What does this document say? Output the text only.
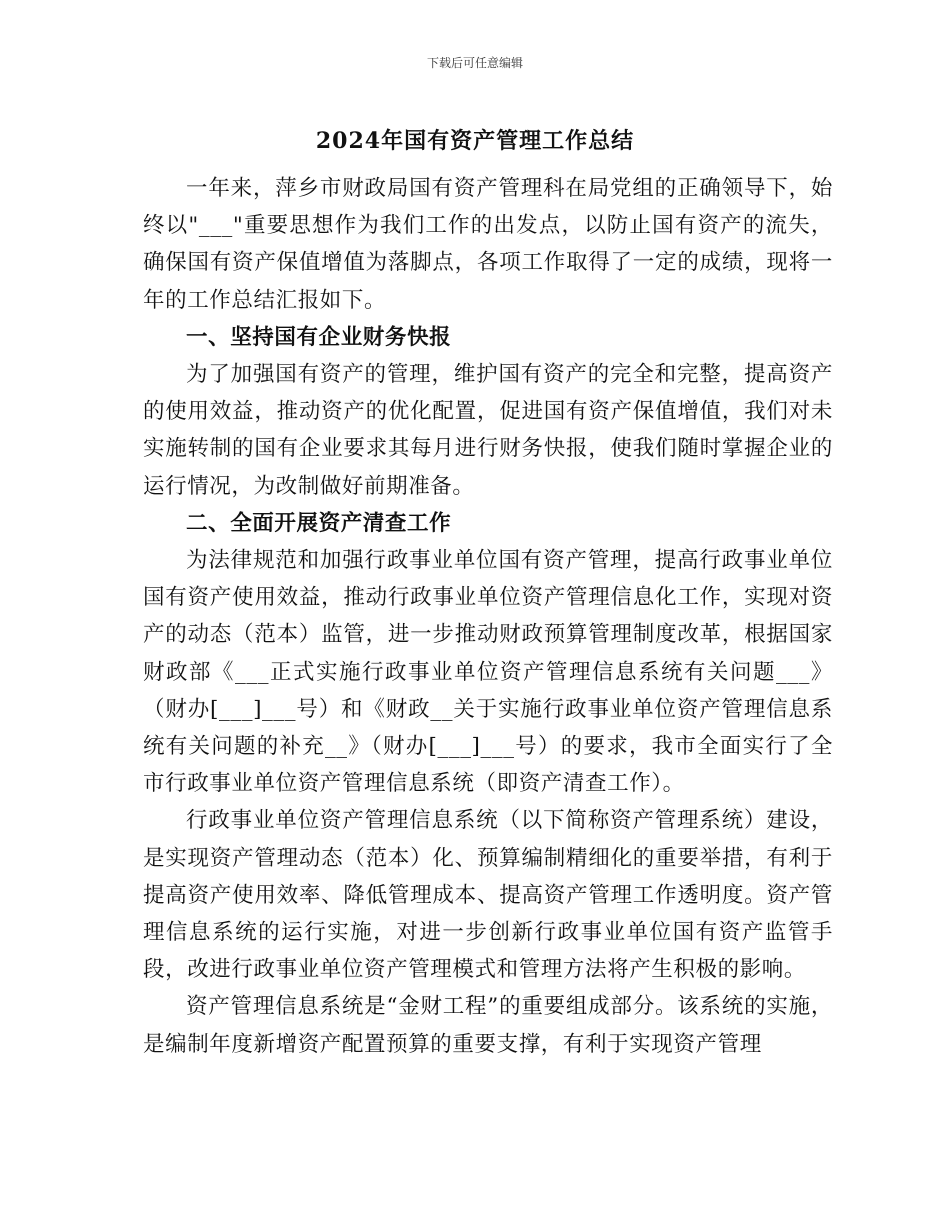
下载后可任意编辑
2024年国有资产管理工作总结

一年来，萍乡市财政局国有资产管理科在局党组的正确领导下，始终以"___"重要思想作为我们工作的出发点，以防止国有资产的流失，确保国有资产保值增值为落脚点，各项工作取得了一定的成绩，现将一年的工作总结汇报如下。

一、坚持国有企业财务快报

为了加强国有资产的管理，维护国有资产的完全和完整，提高资产的使用效益，推动资产的优化配置，促进国有资产保值增值，我们对未实施转制的国有企业要求其每月进行财务快报，使我们随时掌握企业的运行情况，为改制做好前期准备。

二、全面开展资产清查工作

为法律规范和加强行政事业单位国有资产管理，提高行政事业单位国有资产使用效益，推动行政事业单位资产管理信息化工作，实现对资产的动态（范本）监管，进一步推动财政预算管理制度改革，根据国家财政部《___正式实施行政事业单位资产管理信息系统有关问题___》（财办[___]___号）和《财政__关于实施行政事业单位资产管理信息系统有关问题的补充__》（财办[___]___号）的要求，我市全面实行了全市行政事业单位资产管理信息系统（即资产清查工作）。

行政事业单位资产管理信息系统（以下简称资产管理系统）建设，是实现资产管理动态（范本）化、预算编制精细化的重要举措，有利于提高资产使用效率、降低管理成本、提高资产管理工作透明度。资产管理信息系统的运行实施，对进一步创新行政事业单位国有资产监管手段，改进行政事业单位资产管理模式和管理方法将产生积极的影响。

资产管理信息系统是“金财工程”的重要组成部分。该系统的实施，是编制年度新增资产配置预算的重要支撑，有利于实现资产管理
